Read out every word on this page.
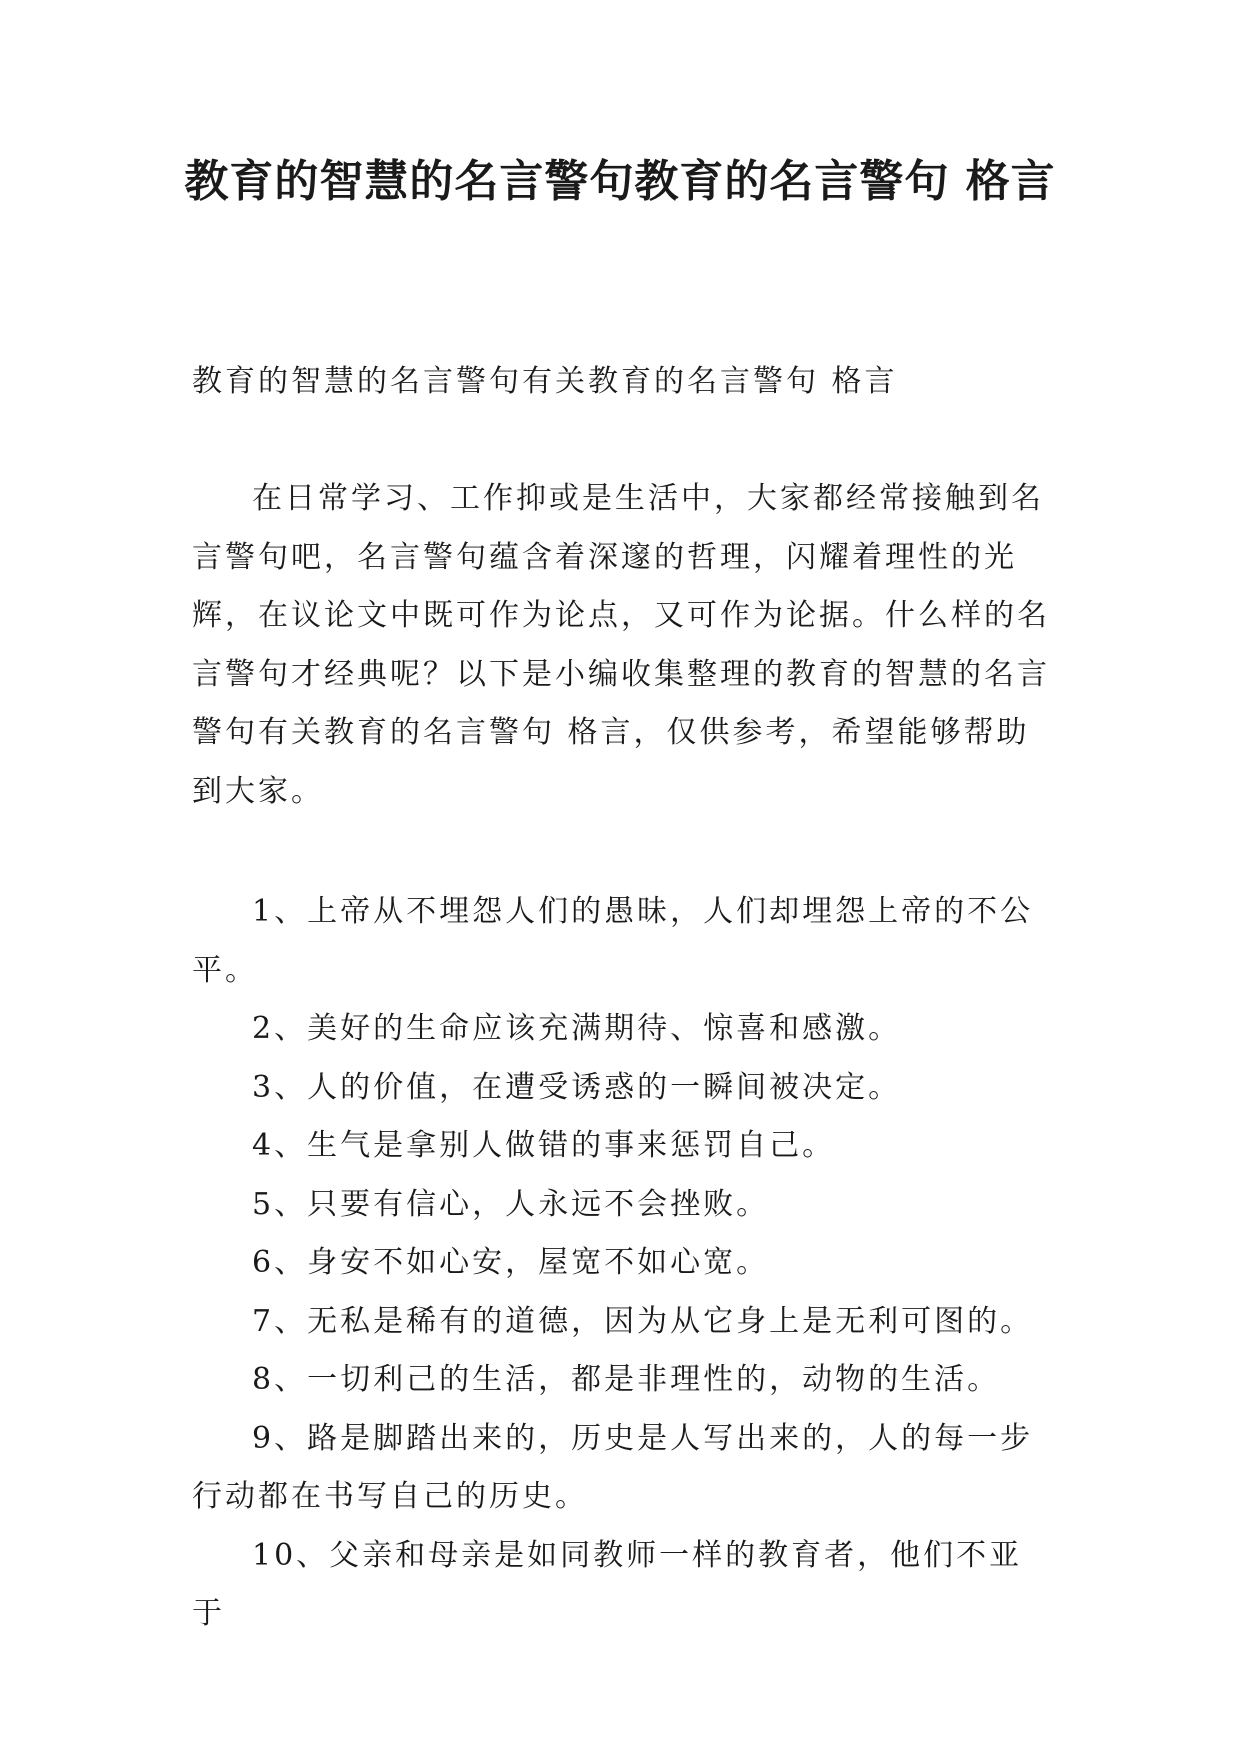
教育的智慧的名言警句教育的名言警句 格言

教育的智慧的名言警句有关教育的名言警句 格言

在日常学习、工作抑或是生活中，大家都经常接触到名言警句吧，名言警句蕴含着深邃的哲理，闪耀着理性的光辉，在议论文中既可作为论点，又可作为论据。什么样的名言警句才经典呢？以下是小编收集整理的教育的智慧的名言警句有关教育的名言警句 格言，仅供参考，希望能够帮助到大家。

1、上帝从不埋怨人们的愚昧，人们却埋怨上帝的不公平。

2、美好的生命应该充满期待、惊喜和感激。

3、人的价值，在遭受诱惑的一瞬间被决定。

4、生气是拿别人做错的事来惩罚自己。

5、只要有信心，人永远不会挫败。

6、身安不如心安，屋宽不如心宽。

7、无私是稀有的道德，因为从它身上是无利可图的。

8、一切利己的生活，都是非理性的，动物的生活。

9、路是脚踏出来的，历史是人写出来的，人的每一步行动都在书写自己的历史。

10、父亲和母亲是如同教师一样的教育者，他们不亚于
